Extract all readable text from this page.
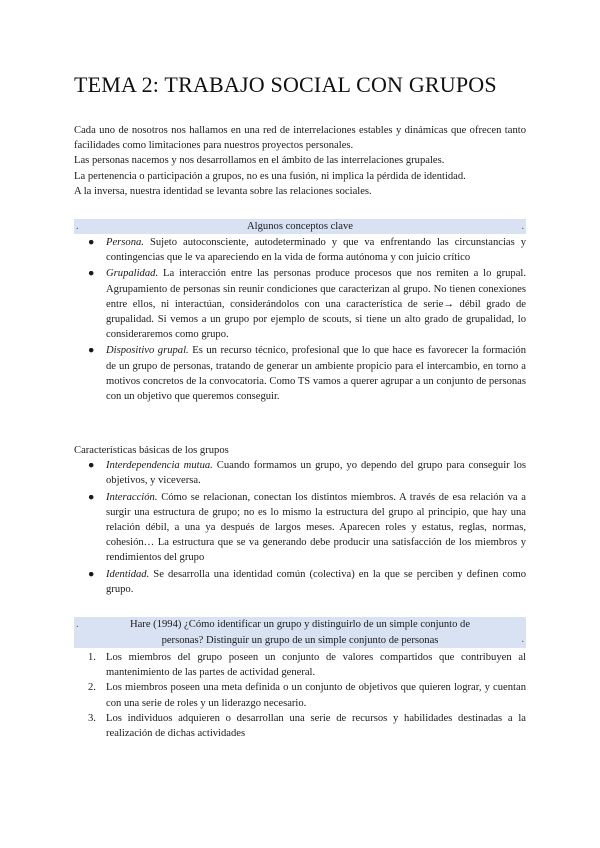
TEMA 2: TRABAJO SOCIAL CON GRUPOS

Cada uno de nosotros nos hallamos en una red de interrelaciones estables y dinámicas que ofrecen tanto facilidades como limitaciones para nuestros proyectos personales.

Las personas nacemos y nos desarrollamos en el ámbito de las interrelaciones grupales.

La pertenencia o participación a grupos, no es una fusión, ni implica la pérdida de identidad.

A la inversa, nuestra identidad se levanta sobre las relaciones sociales.

.	Algunos conceptos clave	.
● Persona. Sujeto autoconsciente, autodeterminado y que va enfrentando las circunstancias y contingencias que le va apareciendo en la vida de forma autónoma y con juicio crítico
● Grupalidad. La interacción entre las personas produce procesos que nos remiten a lo grupal. Agrupamiento de personas sin reunir condiciones que caracterizan al grupo. No tienen conexiones entre ellos, ni interactúan, considerándolos con una característica de serie→ débil grado de grupalidad. Si vemos a un grupo por ejemplo de scouts, si tiene un alto grado de grupalidad, lo consideraremos como grupo.
● Dispositivo grupal. Es un recurso técnico, profesional que lo que hace es favorecer la formación de un grupo de personas, tratando de generar un ambiente propicio para el intercambio, en torno a motivos concretos de la convocatoria. Como TS vamos a querer agrupar a un conjunto de personas con un objetivo que queremos conseguir.
Características básicas de los grupos
● Interdependencia mutua. Cuando formamos un grupo, yo dependo del grupo para conseguir los objetivos, y viceversa.
● Interacción. Cómo se relacionan, conectan los distintos miembros. A través de esa relación va a surgir una estructura de grupo; no es lo mismo la estructura del grupo al principio, que hay una relación débil, a una ya después de largos meses. Aparecen roles y estatus, reglas, normas, cohesión… La estructura que se va generando debe producir una satisfacción de los miembros y rendimientos del grupo
● Identidad. Se desarrolla una identidad común (colectiva) en la que se perciben y definen como grupo.
.	Hare (1994) ¿Cómo identificar un grupo y distinguirlo de un simple conjunto de
personas? Distinguir un grupo de un simple conjunto de personas	.
1. Los miembros del grupo poseen un conjunto de valores compartidos que contribuyen al mantenimiento de las partes de actividad general.
2. Los miembros poseen una meta definida o un conjunto de objetivos que quieren lograr, y cuentan con una serie de roles y un liderazgo necesario.
3. Los individuos adquieren o desarrollan una serie de recursos y habilidades destinadas a la realización de dichas actividades
